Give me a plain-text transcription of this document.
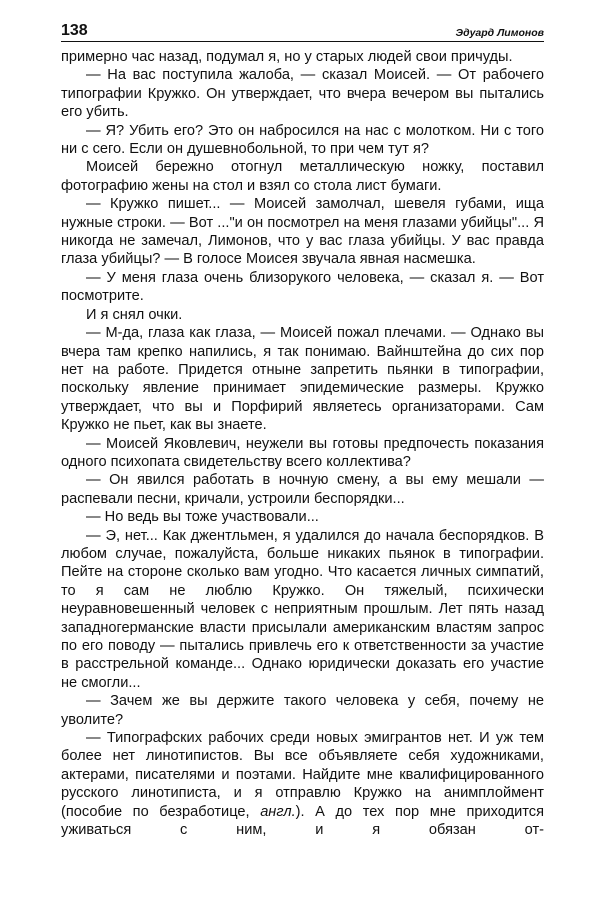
138	Эдуард Лимонов

примерно час назад, подумал я, но у старых людей свои причуды.

— На вас поступила жалоба, — сказал Моисей. — От рабочего типографии Кружко. Он утверждает, что вчера вечером вы пытались его убить.

— Я? Убить его? Это он набросился на нас с молотком. Ни с того ни с сего. Если он душевнобольной, то при чем тут я?

Моисей бережно отогнул металлическую ножку, поставил фотографию жены на стол и взял со стола лист бумаги.

— Кружко пишет... — Моисей замолчал, шевеля губами, ища нужные строки. — Вот ..."и он посмотрел на меня глазами убийцы"... Я никогда не замечал, Лимонов, что у вас глаза убийцы. У вас правда глаза убийцы? — В голосе Моисея звучала явная насмешка.

— У меня глаза очень близорукого человека, — сказал я. — Вот посмотрите.

И я снял очки.

— М-да, глаза как глаза, — Моисей пожал плечами. — Однако вы вчера там крепко напились, я так понимаю. Вайнштейна до сих пор нет на работе. Придется отныне запретить пьянки в типографии, поскольку явление принимает эпидемические размеры. Кружко утверждает, что вы и Порфирий являетесь организаторами. Сам Кружко не пьет, как вы знаете.

— Моисей Яковлевич, неужели вы готовы предпочесть показания одного психопата свидетельству всего коллектива?

— Он явился работать в ночную смену, а вы ему мешали — распевали песни, кричали, устроили беспорядки...

— Но ведь вы тоже участвовали...

— Э, нет... Как джентльмен, я удалился до начала беспорядков. В любом случае, пожалуйста, больше никаких пьянок в типографии. Пейте на стороне сколько вам угодно. Что касается личных симпатий, то я сам не люблю Кружко. Он тяжелый, психически неуравновешенный человек с неприятным прошлым. Лет пять назад западногерманские власти присылали американским властям запрос по его поводу — пытались привлечь его к ответственности за участие в расстрельной команде... Однако юридически доказать его участие не смогли...

— Зачем же вы держите такого человека у себя, почему не уволите?

— Типографских рабочих среди новых эмигрантов нет. И уж тем более нет линотипистов. Вы все объявляете себя художниками, актерами, писателями и поэтами. Найдите мне квалифицированного русского линотиписта, и я отправлю Кружко на анимплоймент (пособие по безработице, англ.). А до тех пор мне приходится уживаться с ним, и я обязан от-
